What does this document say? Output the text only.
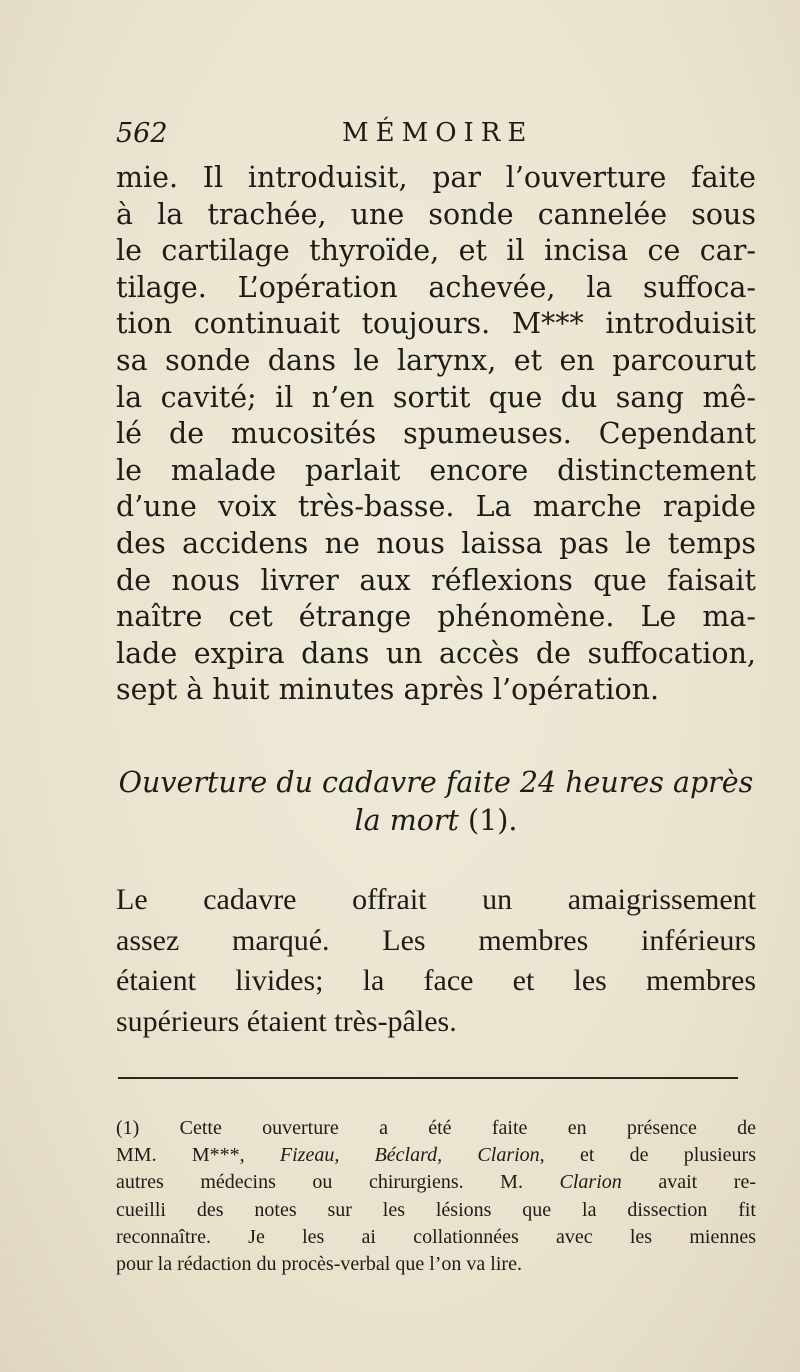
562	MÉMOIRE
mie. Il introduisit, par l’ouverture faite
à la trachée, une sonde cannelée sous
le cartilage thyroïde, et il incisa ce car-
tilage. L’opération achevée, la suffoca-
tion continuait toujours. M*** introduisit
sa sonde dans le larynx, et en parcourut
la cavité; il n’en sortit que du sang mê-
lé de mucosités spumeuses. Cependant
le malade parlait encore distinctement
d’une voix très-basse. La marche rapide
des accidens ne nous laissa pas le temps
de nous livrer aux réflexions que faisait
naître cet étrange phénomène. Le ma-
lade expira dans un accès de suffocation,
sept à huit minutes après l’opération.
Ouverture du cadavre faite 24 heures après
la mort (1).
Le cadavre offrait un amaigrissement
assez marqué. Les membres inférieurs
étaient livides; la face et les membres
supérieurs étaient très-pâles.
(1) Cette ouverture a été faite en présence de
MM. M***, Fizeau, Béclard, Clarion, et de plusieurs
autres médecins ou chirurgiens. M. Clarion avait re-
cueilli des notes sur les lésions que la dissection fit
reconnaître. Je les ai collationnées avec les miennes
pour la rédaction du procès-verbal que l’on va lire.
